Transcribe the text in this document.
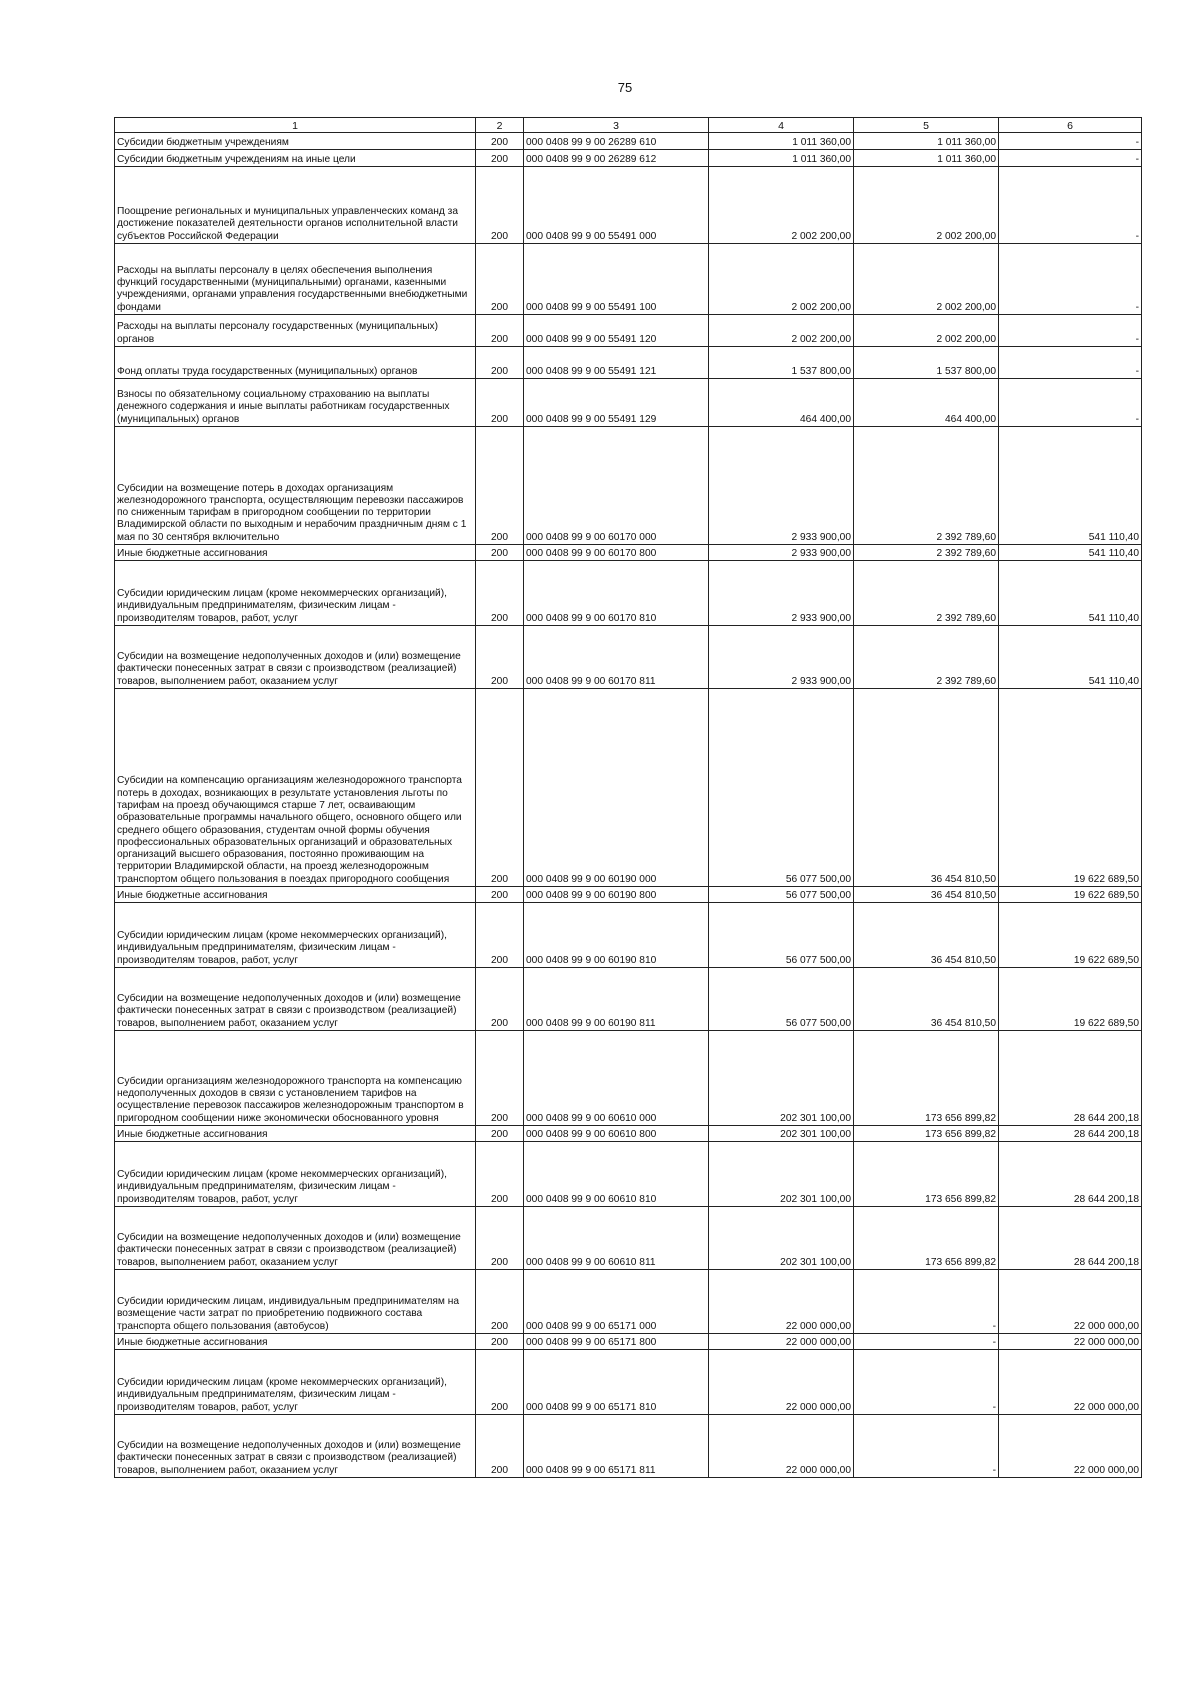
75
1	2	3	4	5	6
Субсидии бюджетным учреждениям	200	000 0408 99 9 00 26289 610	1 011 360,00	1 011 360,00	-
Субсидии бюджетным учреждениям на иные цели	200	000 0408 99 9 00 26289 612	1 011 360,00	1 011 360,00	-
Поощрение региональных и муниципальных управленческих команд за достижение показателей деятельности органов исполнительной власти субъектов Российской Федерации	200	000 0408 99 9 00 55491 000	2 002 200,00	2 002 200,00	-
Расходы на выплаты персоналу в целях обеспечения выполнения функций государственными (муниципальными) органами, казенными учреждениями, органами управления государственными внебюджетными фондами	200	000 0408 99 9 00 55491 100	2 002 200,00	2 002 200,00	-
Расходы на выплаты персоналу государственных (муниципальных) органов	200	000 0408 99 9 00 55491 120	2 002 200,00	2 002 200,00	-
Фонд оплаты труда государственных (муниципальных) органов	200	000 0408 99 9 00 55491 121	1 537 800,00	1 537 800,00	-
Взносы по обязательному социальному страхованию на выплаты денежного содержания и иные выплаты работникам государственных (муниципальных) органов	200	000 0408 99 9 00 55491 129	464 400,00	464 400,00	-
Субсидии на возмещение потерь в доходах организациям железнодорожного транспорта, осуществляющим перевозки пассажиров по сниженным тарифам в пригородном сообщении по территории Владимирской области по выходным и нерабочим праздничным дням с 1 мая по 30 сентября включительно	200	000 0408 99 9 00 60170 000	2 933 900,00	2 392 789,60	541 110,40
Иные бюджетные ассигнования	200	000 0408 99 9 00 60170 800	2 933 900,00	2 392 789,60	541 110,40
Субсидии юридическим лицам (кроме некоммерческих организаций), индивидуальным предпринимателям, физическим лицам - производителям товаров, работ, услуг	200	000 0408 99 9 00 60170 810	2 933 900,00	2 392 789,60	541 110,40
Субсидии на возмещение недополученных доходов и (или) возмещение фактически понесенных затрат в связи с производством (реализацией) товаров, выполнением работ, оказанием услуг	200	000 0408 99 9 00 60170 811	2 933 900,00	2 392 789,60	541 110,40
Субсидии на компенсацию организациям железнодорожного транспорта потерь в доходах, возникающих в результате установления льготы по тарифам на проезд обучающимся старше 7 лет, осваивающим образовательные программы начального общего, основного общего или среднего общего образования, студентам очной формы обучения профессиональных образовательных организаций и образовательных организаций высшего образования, постоянно проживающим на территории Владимирской области, на проезд железнодорожным транспортом общего пользования в поездах пригородного сообщения	200	000 0408 99 9 00 60190 000	56 077 500,00	36 454 810,50	19 622 689,50
Иные бюджетные ассигнования	200	000 0408 99 9 00 60190 800	56 077 500,00	36 454 810,50	19 622 689,50
Субсидии юридическим лицам (кроме некоммерческих организаций), индивидуальным предпринимателям, физическим лицам - производителям товаров, работ, услуг	200	000 0408 99 9 00 60190 810	56 077 500,00	36 454 810,50	19 622 689,50
Субсидии на возмещение недополученных доходов и (или) возмещение фактически понесенных затрат в связи с производством (реализацией) товаров, выполнением работ, оказанием услуг	200	000 0408 99 9 00 60190 811	56 077 500,00	36 454 810,50	19 622 689,50
Субсидии организациям железнодорожного транспорта на компенсацию недополученных доходов в связи с установлением тарифов на осуществление перевозок пассажиров железнодорожным транспортом в пригородном сообщении ниже экономически обоснованного уровня	200	000 0408 99 9 00 60610 000	202 301 100,00	173 656 899,82	28 644 200,18
Иные бюджетные ассигнования	200	000 0408 99 9 00 60610 800	202 301 100,00	173 656 899,82	28 644 200,18
Субсидии юридическим лицам (кроме некоммерческих организаций), индивидуальным предпринимателям, физическим лицам - производителям товаров, работ, услуг	200	000 0408 99 9 00 60610 810	202 301 100,00	173 656 899,82	28 644 200,18
Субсидии на возмещение недополученных доходов и (или) возмещение фактически понесенных затрат в связи с производством (реализацией) товаров, выполнением работ, оказанием услуг	200	000 0408 99 9 00 60610 811	202 301 100,00	173 656 899,82	28 644 200,18
Субсидии юридическим лицам, индивидуальным предпринимателям на возмещение части затрат по приобретению подвижного состава транспорта общего пользования (автобусов)	200	000 0408 99 9 00 65171 000	22 000 000,00	-	22 000 000,00
Иные бюджетные ассигнования	200	000 0408 99 9 00 65171 800	22 000 000,00	-	22 000 000,00
Субсидии юридическим лицам (кроме некоммерческих организаций), индивидуальным предпринимателям, физическим лицам - производителям товаров, работ, услуг	200	000 0408 99 9 00 65171 810	22 000 000,00	-	22 000 000,00
Субсидии на возмещение недополученных доходов и (или) возмещение фактически понесенных затрат в связи с производством (реализацией) товаров, выполнением работ, оказанием услуг	200	000 0408 99 9 00 65171 811	22 000 000,00	-	22 000 000,00
